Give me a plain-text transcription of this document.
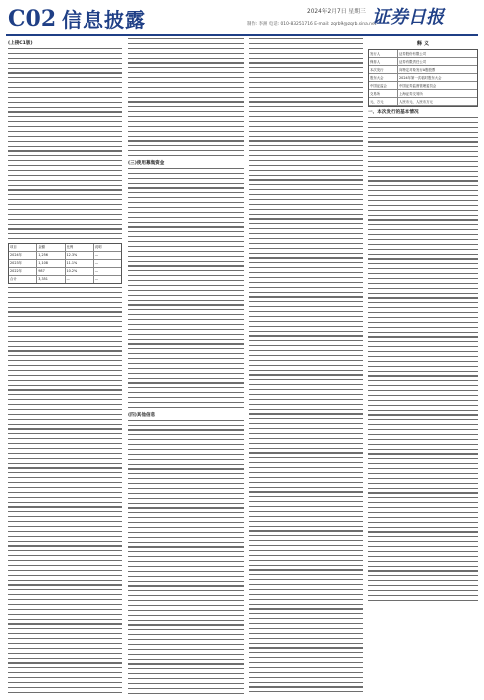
C02 信息披露	2024年2月7日 星期三
制作: 李洲 电话: 010-83251716 E-mail: zqrb9@zqrb.sina.net
证券日报
(上接C1版)
项目	金额	比例	说明
2024年	1,256	12.3%	—
2023年	1,108	11.1%	—
2022年	987	10.2%	—
合计	3,351	—	—
(三)使用募集资金
(四)其他信息
释 义
发行人	证券股份有限公司
保荐人	证券有限责任公司
本次发行	向特定对象发行A股股票
股东大会	2024年第一次临时股东大会
中国证监会	中国证券监督管理委员会
交易所	上海证券交易所
元、万元	人民币元、人民币万元
一、本次发行的基本情况
